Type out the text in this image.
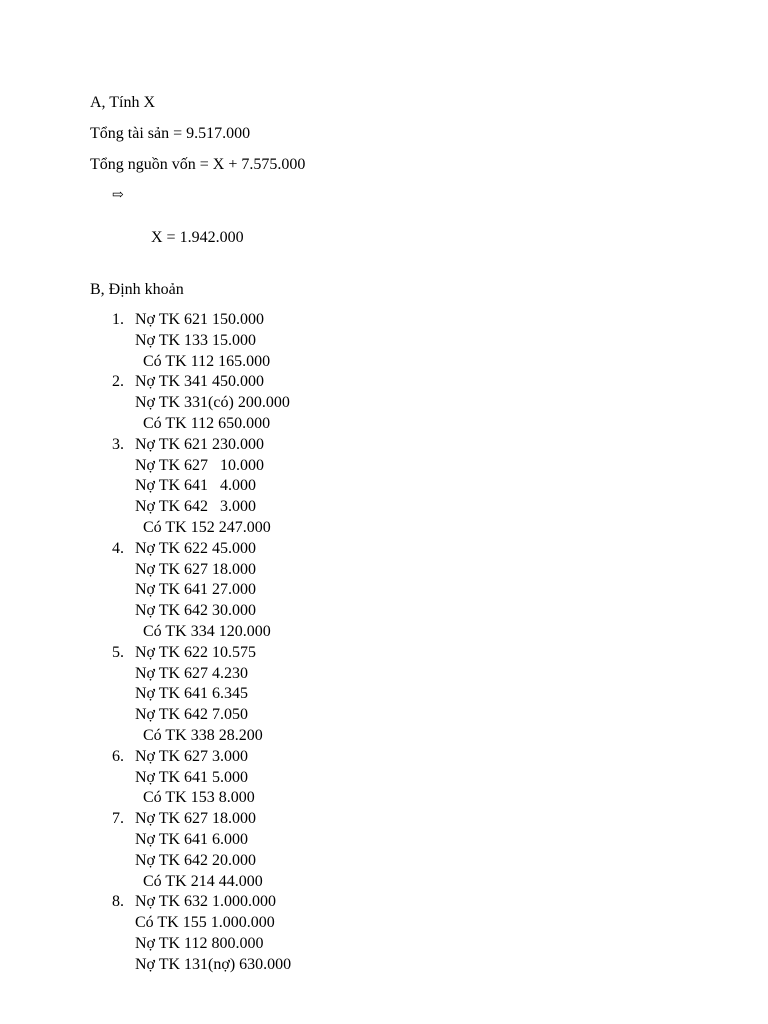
A, Tính X

Tổng tài sản = 9.517.000

Tổng nguồn vốn = X + 7.575.000

⇨

X = 1.942.000

B, Định khoản

1. Nợ TK 621 150.000
Nợ TK 133 15.000
Có TK 112 165.000
2. Nợ TK 341 450.000
Nợ TK 331(có) 200.000
Có TK 112 650.000
3. Nợ TK 621 230.000
Nợ TK 627   10.000
Nợ TK 641   4.000
Nợ TK 642   3.000
Có TK 152 247.000
4. Nợ TK 622 45.000
Nợ TK 627 18.000
Nợ TK 641 27.000
Nợ TK 642 30.000
Có TK 334 120.000
5. Nợ TK 622 10.575
Nợ TK 627 4.230
Nợ TK 641 6.345
Nợ TK 642 7.050
Có TK 338 28.200
6. Nợ TK 627 3.000
Nợ TK 641 5.000
Có TK 153 8.000
7. Nợ TK 627 18.000
Nợ TK 641 6.000
Nợ TK 642 20.000
Có TK 214 44.000
8. Nợ TK 632 1.000.000
Có TK 155 1.000.000
Nợ TK 112 800.000
Nợ TK 131(nợ) 630.000
